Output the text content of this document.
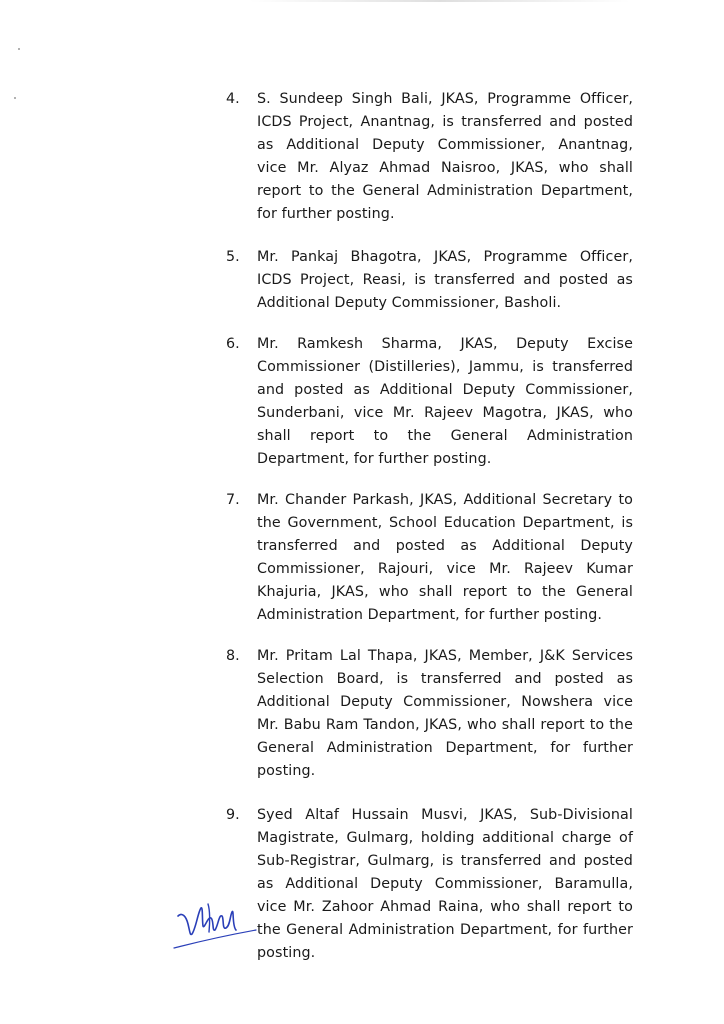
4. S. Sundeep Singh Bali, JKAS, Programme Officer, ICDS Project, Anantnag, is transferred and posted as Additional Deputy Commissioner, Anantnag, vice Mr. Alyaz Ahmad Naisroo, JKAS, who shall report to the General Administration Department, for further posting.
5. Mr. Pankaj Bhagotra, JKAS, Programme Officer, ICDS Project, Reasi, is transferred and posted as Additional Deputy Commissioner, Basholi.
6. Mr. Ramkesh Sharma, JKAS, Deputy Excise Commissioner (Distilleries), Jammu, is transferred and posted as Additional Deputy Commissioner, Sunderbani, vice Mr. Rajeev Magotra, JKAS, who shall report to the General Administration Department, for further posting.
7. Mr. Chander Parkash, JKAS, Additional Secretary to the Government, School Education Department, is transferred and posted as Additional Deputy Commissioner, Rajouri, vice Mr. Rajeev Kumar Khajuria, JKAS, who shall report to the General Administration Department, for further posting.
8. Mr. Pritam Lal Thapa, JKAS, Member, J&K Services Selection Board, is transferred and posted as Additional Deputy Commissioner, Nowshera vice Mr. Babu Ram Tandon, JKAS, who shall report to the General Administration Department, for further posting.
9. Syed Altaf Hussain Musvi, JKAS, Sub-Divisional Magistrate, Gulmarg, holding additional charge of Sub-Registrar, Gulmarg, is transferred and posted as Additional Deputy Commissioner, Baramulla, vice Mr. Zahoor Ahmad Raina, who shall report to the General Administration Department, for further posting.
